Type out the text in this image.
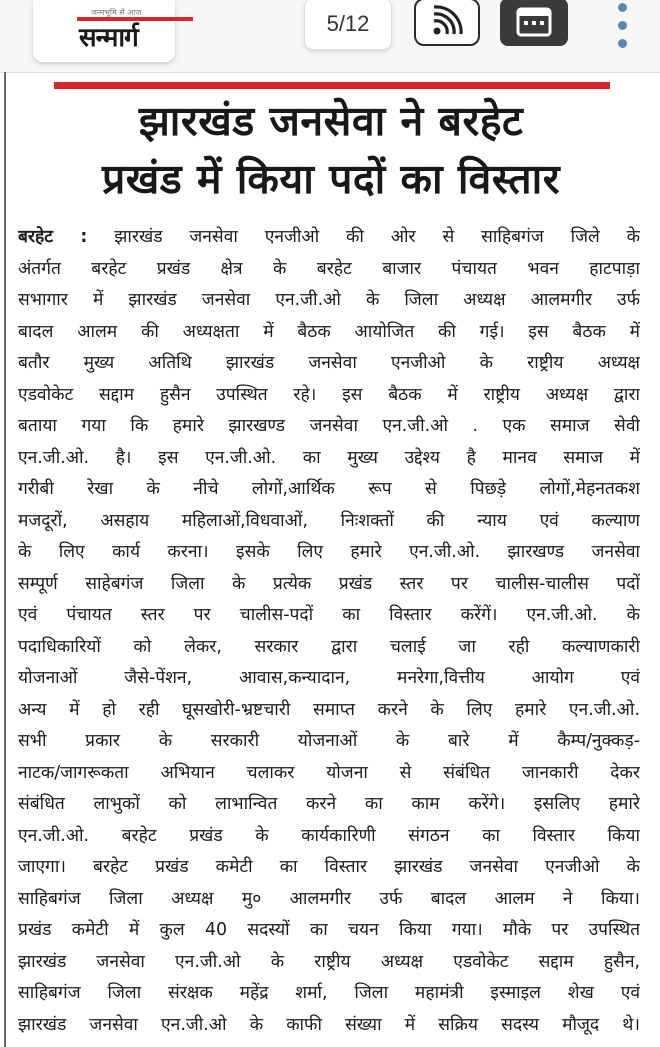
जन्मभूमि से आज
सन्मार्ग	5/12
झारखंड जनसेवा ने बरहेट
प्रखंड में किया पदों का विस्तार
बरहेट : झारखंड जनसेवा एनजीओ की ओर से साहिबगंज जिले के
अंतर्गत बरहेट प्रखंड क्षेत्र के बरहेट बाजार पंचायत भवन हाटपाड़ा
सभागार में झारखंड जनसेवा एन.जी.ओ के जिला अध्यक्ष आलमगीर उर्फ
बादल आलम की अध्यक्षता में बैठक आयोजित की गई। इस बैठक में
बतौर मुख्य अतिथि झारखंड जनसेवा एनजीओ के राष्ट्रीय अध्यक्ष
एडवोकेट सद्दाम हुसैन उपस्थित रहे। इस बैठक में राष्ट्रीय अध्यक्ष द्वारा
बताया गया कि हमारे झारखण्ड जनसेवा एन.जी.ओ . एक समाज सेवी
एन.जी.ओ. है। इस एन.जी.ओ. का मुख्य उद्देश्य है मानव समाज में
गरीबी रेखा के नीचे लोगों,आर्थिक रूप से पिछड़े लोगों,मेहनतकश
मजदूरों, असहाय महिलाओं,विधवाओं, निःशक्तों की न्याय एवं कल्याण
के लिए कार्य करना। इसके लिए हमारे एन.जी.ओ. झारखण्ड जनसेवा
सम्पूर्ण साहेबगंज जिला के प्रत्येक प्रखंड स्तर पर चालीस-चालीस पदों
एवं पंचायत स्तर पर चालीस-पदों का विस्तार करेंगें। एन.जी.ओ. के
पदाधिकारियों को लेकर, सरकार द्वारा चलाई जा रही कल्याणकारी
योजनाओं जैसे-पेंशन, आवास,कन्यादान, मनरेगा,वित्तीय आयोग एवं
अन्य में हो रही घूसखोरी-भ्रष्टचारी समाप्त करने के लिए हमारे एन.जी.ओ.
सभी प्रकार के सरकारी योजनाओं के बारे में कैम्प/नुक्कड़-
नाटक/जागरूकता अभियान चलाकर योजना से संबंधित जानकारी देकर
संबंधित लाभुकों को लाभान्वित करने का काम करेंगे। इसलिए हमारे
एन.जी.ओ. बरहेट प्रखंड के कार्यकारिणी संगठन का विस्तार किया
जाएगा। बरहेट प्रखंड कमेटी का विस्तार झारखंड जनसेवा एनजीओ के
साहिबगंज जिला अध्यक्ष मु० आलमगीर उर्फ बादल आलम ने किया।
प्रखंड कमेटी में कुल 40 सदस्यों का चयन किया गया। मौके पर उपस्थित
झारखंड जनसेवा एन.जी.ओ के राष्ट्रीय अध्यक्ष एडवोकेट सद्दाम हुसैन,
साहिबगंज जिला संरक्षक महेंद्र शर्मा, जिला महामंत्री इस्माइल शेख एवं
झारखंड जनसेवा एन.जी.ओ के काफी संख्या में सक्रिय सदस्य मौजूद थे।
